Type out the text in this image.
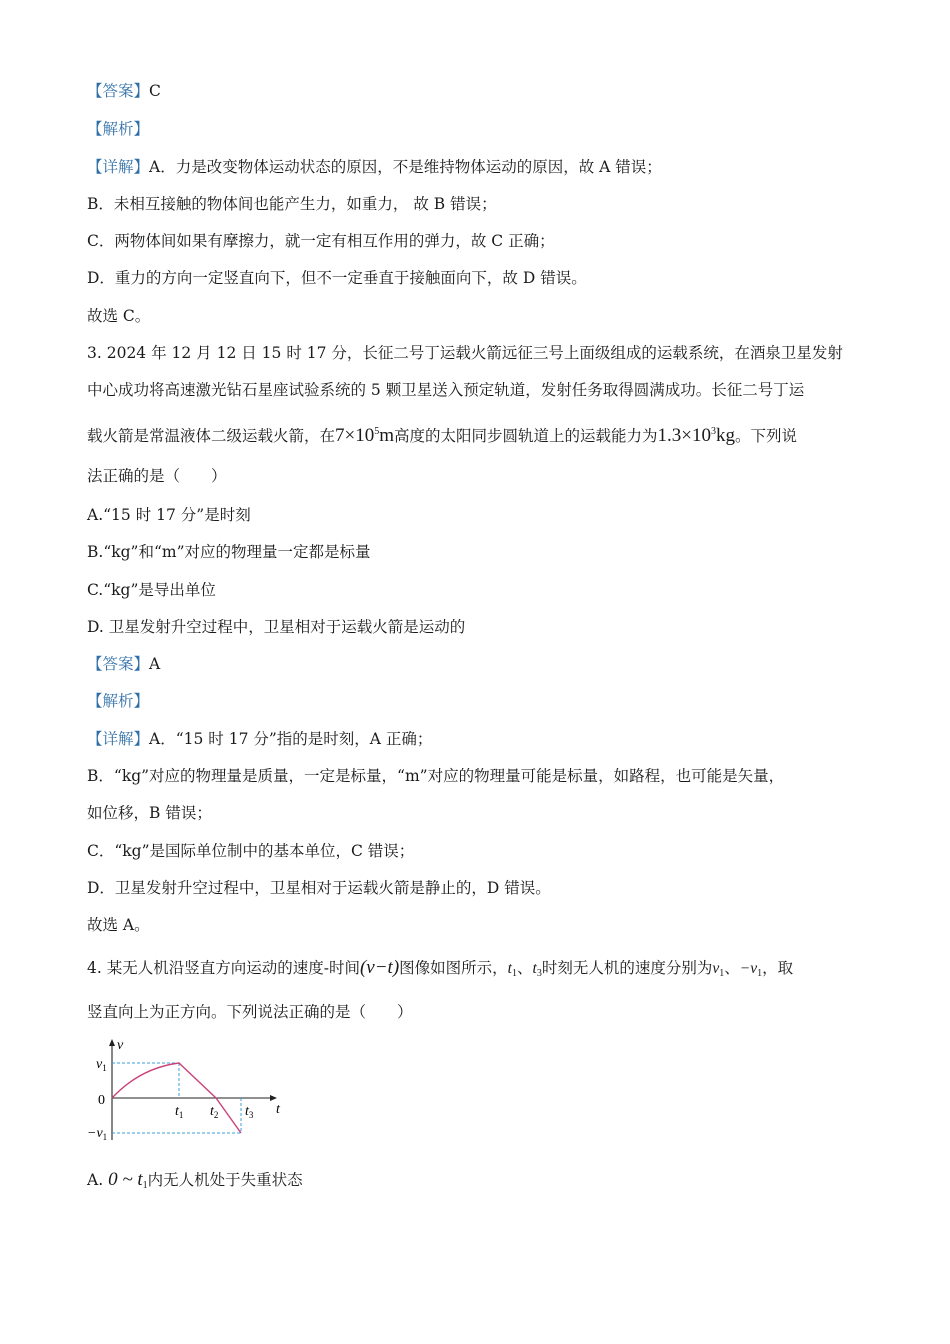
【答案】C
【解析】
【详解】A．力是改变物体运动状态的原因，不是维持物体运动的原因，故 A 错误；
B．未相互接触的物体间也能产生力，如重力， 故 B 错误；
C．两物体间如果有摩擦力，就一定有相互作用的弹力，故 C 正确；
D．重力的方向一定竖直向下，但不一定垂直于接触面向下，故 D 错误。
故选 C。
3. 2024 年 12 月 12 日 15 时 17 分，长征二号丁运载火箭远征三号上面级组成的运载系统，在酒泉卫星发射
中心成功将高速激光钻石星座试验系统的 5 颗卫星送入预定轨道，发射任务取得圆满成功。长征二号丁运
载火箭是常温液体二级运载火箭，在$7\times 10^5m$高度的太阳同步圆轨道上的运载能力为$1.3\times 10^3kg$。下列说
法正确的是（　　）
A.“15 时 17 分”是时刻
B.“kg”和“m”对应的物理量一定都是标量
C.“kg”是导出单位
D. 卫星发射升空过程中，卫星相对于运载火箭是运动的
【答案】A
【解析】
【详解】A．“15 时 17 分”指的是时刻，A 正确；
B．“kg”对应的物理量是质量，一定是标量，“m”对应的物理量可能是标量，如路程，也可能是矢量，
如位移，B 错误；
C．“kg”是国际单位制中的基本单位，C 错误；
D．卫星发射升空过程中，卫星相对于运载火箭是静止的，D 错误。
故选 A。
4. 某无人机沿竖直方向运动的速度-时间(v−t)图像如图所示，$t_1$、$t_3$时刻无人机的速度分别为$v_1$、$-v_1$，取
竖直向上为正方向。下列说法正确的是（　　）
v
t
0
$v_1$
$-v_1$
$t_1$ $t_2$ $t_3$
A. 0 ~ $t_1$内无人机处于失重状态
